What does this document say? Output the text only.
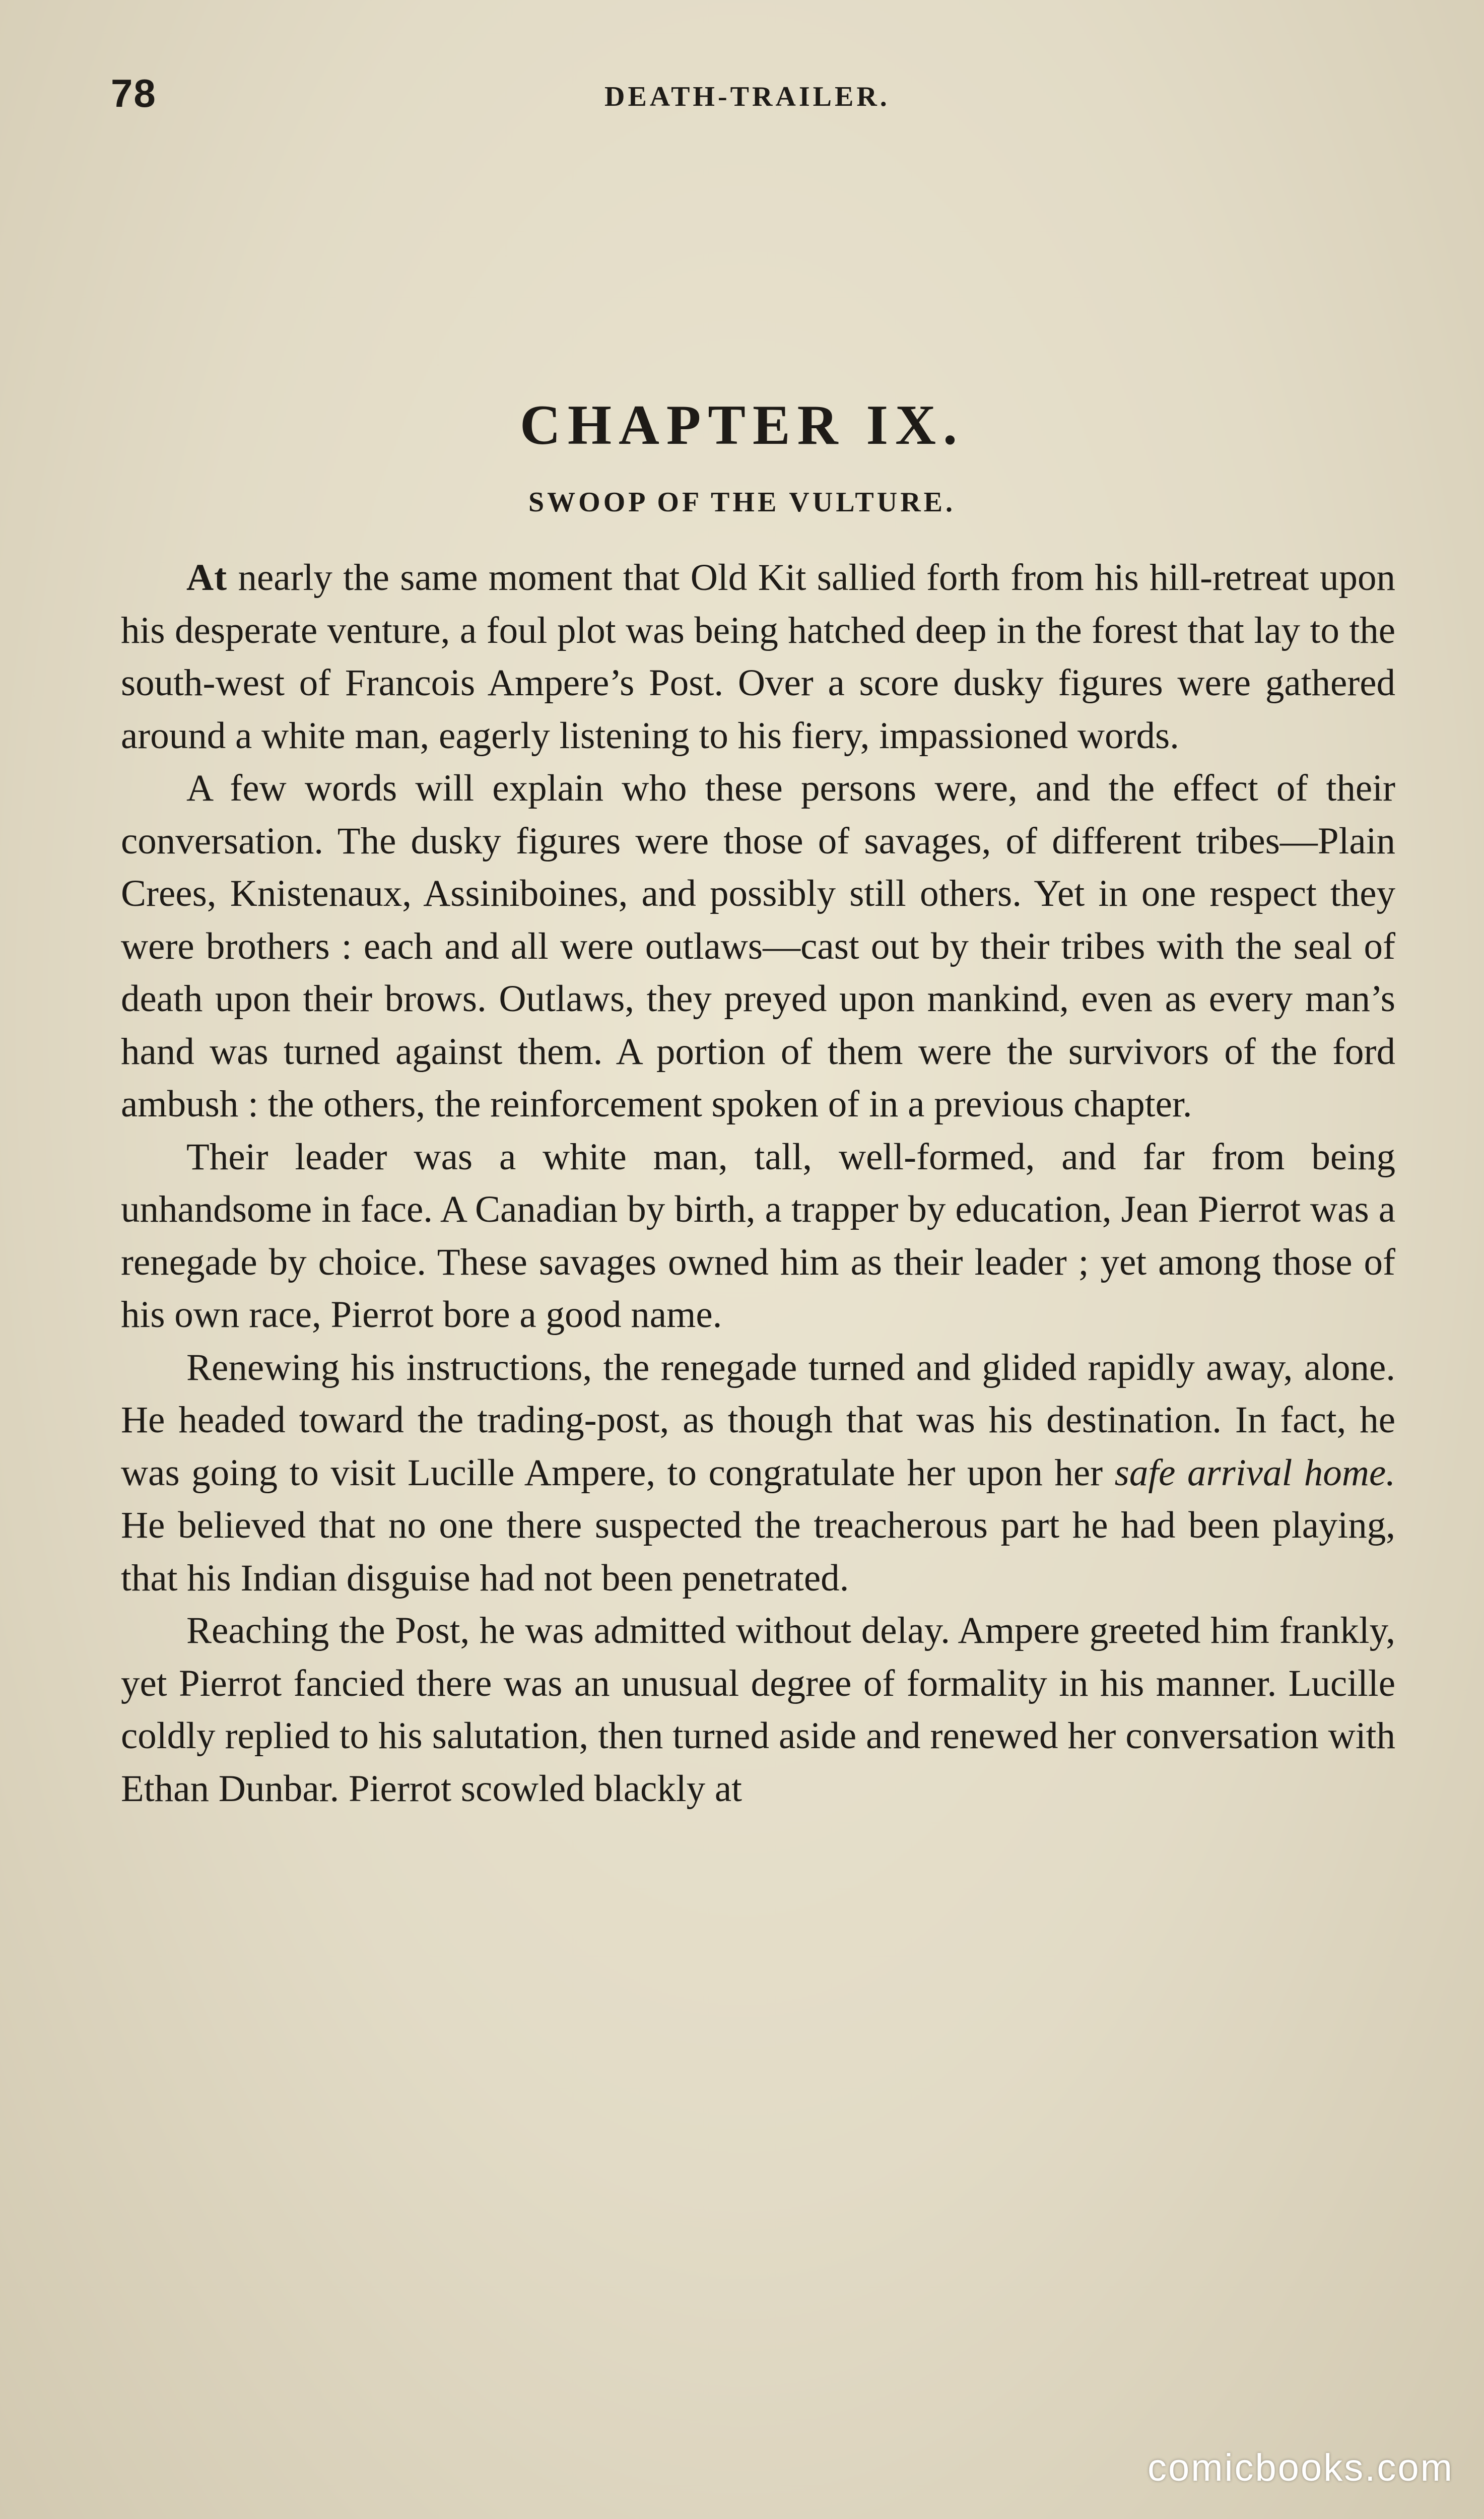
78	DEATH-TRAILER.
CHAPTER IX.
SWOOP OF THE VULTURE.

At nearly the same moment that Old Kit sallied forth from his hill-retreat upon his desperate venture, a foul plot was being hatched deep in the forest that lay to the south-west of Francois Ampere’s Post. Over a score dusky figures were gathered around a white man, eagerly listening to his fiery, impassioned words.

A few words will explain who these persons were, and the effect of their conversation. The dusky figures were those of savages, of different tribes—Plain Crees, Knistenaux, Assiniboines, and possibly still others. Yet in one respect they were brothers : each and all were outlaws—cast out by their tribes with the seal of death upon their brows. Outlaws, they preyed upon mankind, even as every man’s hand was turned against them. A portion of them were the survivors of the ford ambush : the others, the reinforcement spoken of in a previous chapter.

Their leader was a white man, tall, well-formed, and far from being unhandsome in face. A Canadian by birth, a trapper by education, Jean Pierrot was a renegade by choice. These savages owned him as their leader ; yet among those of his own race, Pierrot bore a good name.

Renewing his instructions, the renegade turned and glided rapidly away, alone. He headed toward the trading-post, as though that was his destination. In fact, he was going to visit Lucille Ampere, to congratulate her upon her safe arrival home. He believed that no one there suspected the treacherous part he had been playing, that his Indian disguise had not been penetrated.

Reaching the Post, he was admitted without delay. Ampere greeted him frankly, yet Pierrot fancied there was an unusual degree of formality in his manner. Lucille coldly replied to his salutation, then turned aside and renewed her conversation with Ethan Dunbar. Pierrot scowled blackly at

comicbooks.com
